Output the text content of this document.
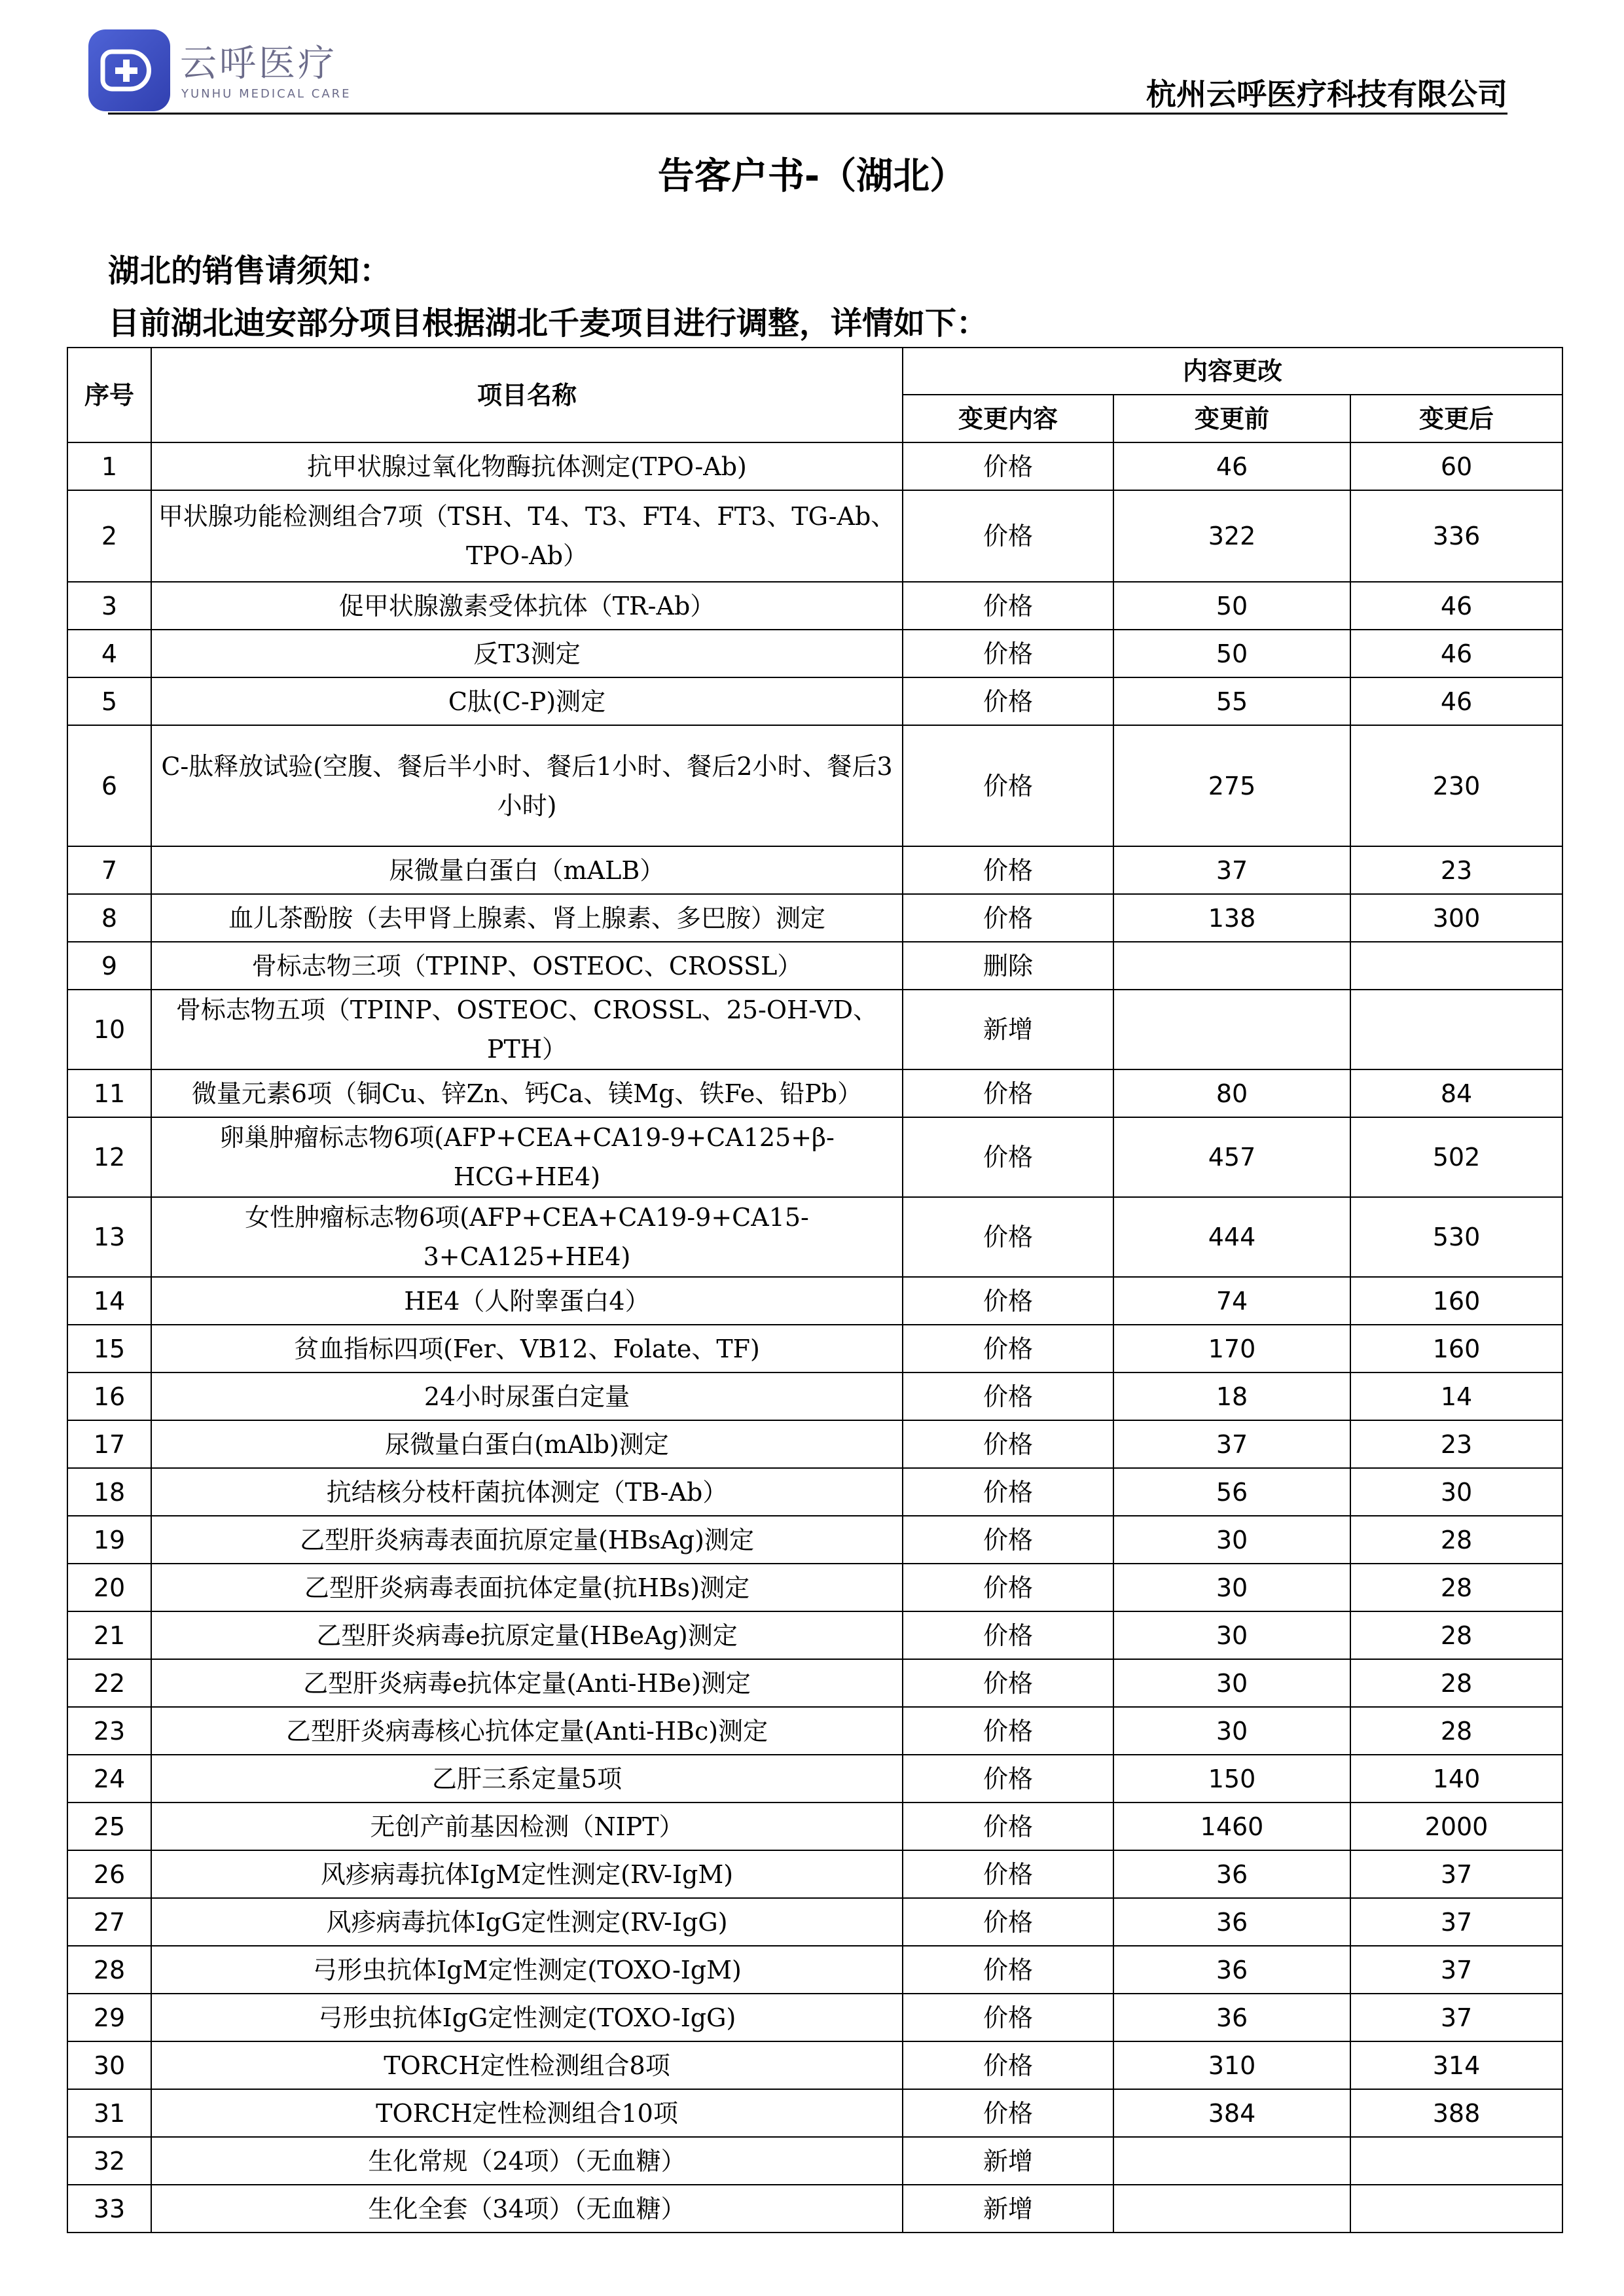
云呼医疗
YUNHU MEDICAL CARE	杭州云呼医疗科技有限公司
告客户书-（湖北）
湖北的销售请须知：
目前湖北迪安部分项目根据湖北千麦项目进行调整，详情如下：
序号	项目名称	内容更改		
		变更内容	变更前	变更后
1	抗甲状腺过氧化物酶抗体测定(TPO-Ab)	价格	46	60
2	甲状腺功能检测组合7项（TSH、T4、T3、FT4、FT3、TG-Ab、TPO-Ab）	价格	322	336
3	促甲状腺激素受体抗体（TR-Ab）	价格	50	46
4	反T3测定	价格	50	46
5	C肽(C-P)测定	价格	55	46
6	C-肽释放试验(空腹、餐后半小时、餐后1小时、餐后2小时、餐后3小时)	价格	275	230
7	尿微量白蛋白（mALB）	价格	37	23
8	血儿茶酚胺（去甲肾上腺素、肾上腺素、多巴胺）测定	价格	138	300
9	骨标志物三项（TPINP、OSTEOC、CROSSL）	删除		
10	骨标志物五项（TPINP、OSTEOC、CROSSL、25-OH-VD、PTH）	新增		
11	微量元素6项（铜Cu、锌Zn、钙Ca、镁Mg、铁Fe、铅Pb）	价格	80	84
12	卵巢肿瘤标志物6项(AFP+CEA+CA19-9+CA125+β-HCG+HE4)	价格	457	502
13	女性肿瘤标志物6项(AFP+CEA+CA19-9+CA15-3+CA125+HE4)	价格	444	530
14	HE4（人附睾蛋白4）	价格	74	160
15	贫血指标四项(Fer、VB12、Folate、TF)	价格	170	160
16	24小时尿蛋白定量	价格	18	14
17	尿微量白蛋白(mAlb)测定	价格	37	23
18	抗结核分枝杆菌抗体测定（TB-Ab）	价格	56	30
19	乙型肝炎病毒表面抗原定量(HBsAg)测定	价格	30	28
20	乙型肝炎病毒表面抗体定量(抗HBs)测定	价格	30	28
21	乙型肝炎病毒e抗原定量(HBeAg)测定	价格	30	28
22	乙型肝炎病毒e抗体定量(Anti-HBe)测定	价格	30	28
23	乙型肝炎病毒核心抗体定量(Anti-HBc)测定	价格	30	28
24	乙肝三系定量5项	价格	150	140
25	无创产前基因检测（NIPT）	价格	1460	2000
26	风疹病毒抗体IgM定性测定(RV-IgM)	价格	36	37
27	风疹病毒抗体IgG定性测定(RV-IgG)	价格	36	37
28	弓形虫抗体IgM定性测定(TOXO-IgM)	价格	36	37
29	弓形虫抗体IgG定性测定(TOXO-IgG)	价格	36	37
30	TORCH定性检测组合8项	价格	310	314
31	TORCH定性检测组合10项	价格	384	388
32	生化常规（24项）（无血糖）	新增		
33	生化全套（34项）（无血糖）	新增		
